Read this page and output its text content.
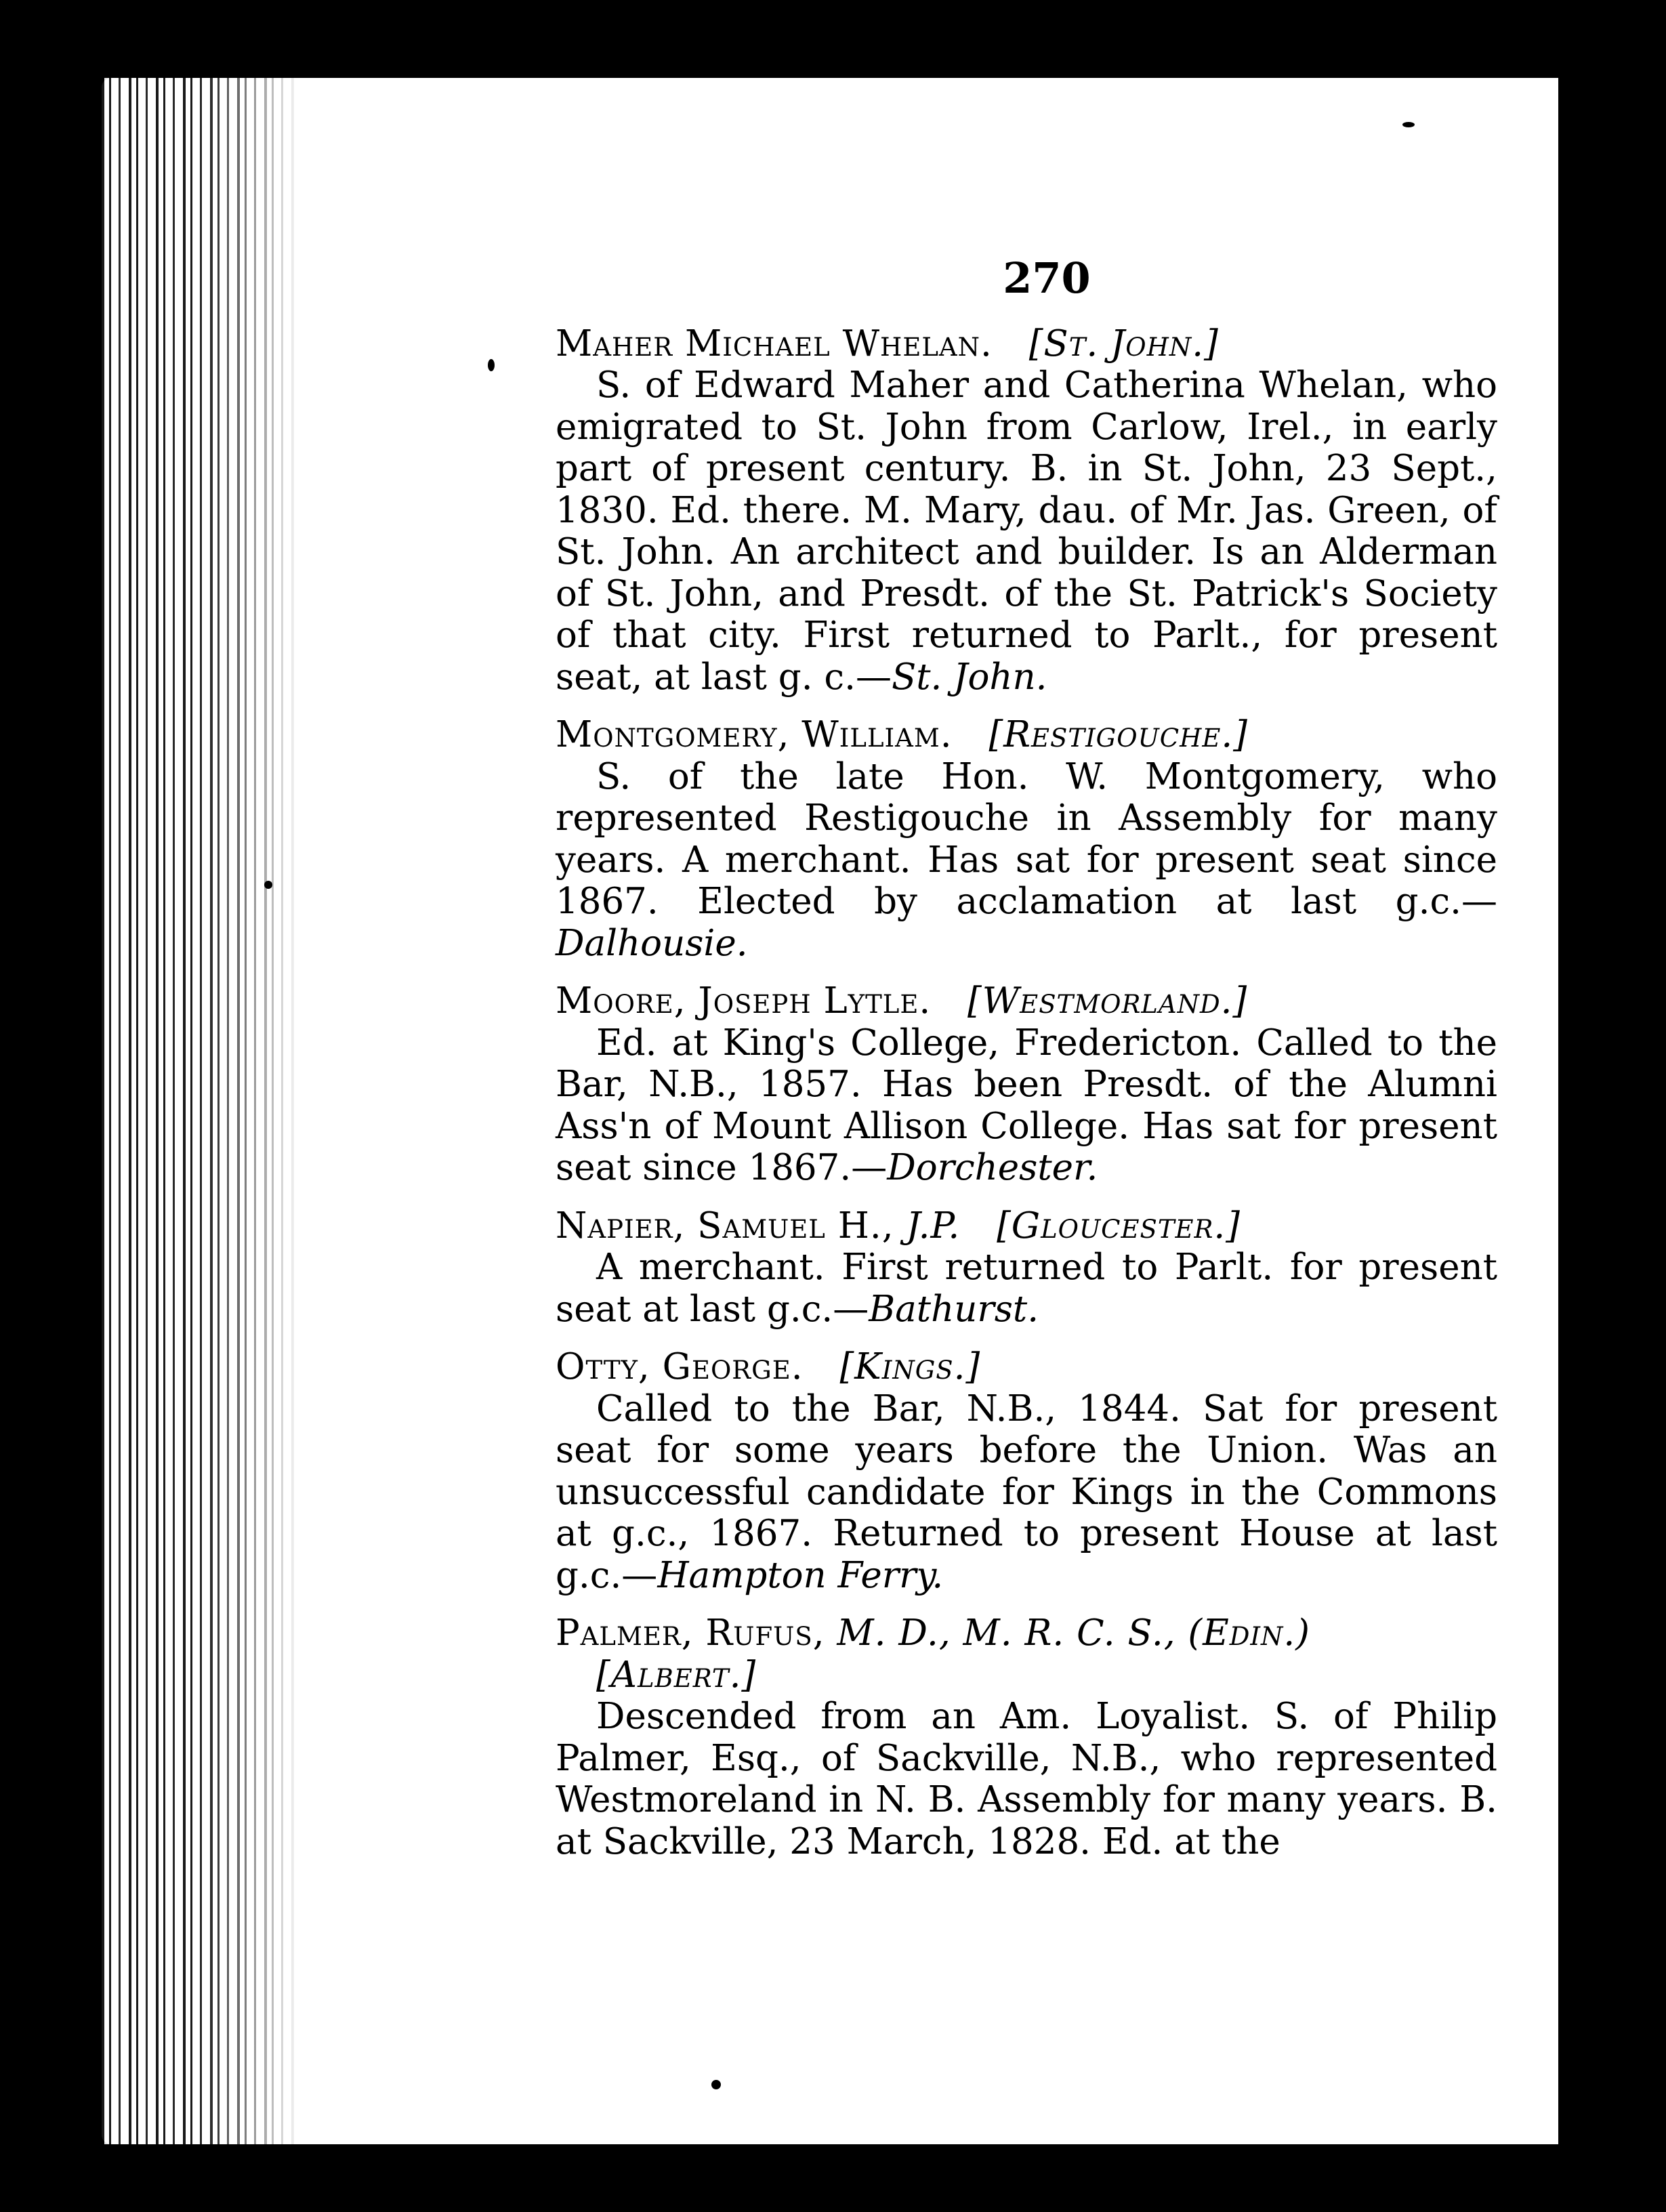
270
Maher Michael Whelan. [St. John.]
S. of Edward Maher and Catherina Whelan, who emigrated to St. John from Carlow, Irel., in early part of present century. B. in St. John, 23 Sept., 1830. Ed. there. M. Mary, dau. of Mr. Jas. Green, of St. John. An architect and builder. Is an Alderman of St. John, and Presdt. of the St. Patrick's Society of that city. First returned to Parlt., for present seat, at last g. c.—St. John.
Montgomery, William. [Restigouche.]
S. of the late Hon. W. Montgomery, who represented Restigouche in Assembly for many years. A merchant. Has sat for present seat since 1867. Elected by acclamation at last g.c.—Dalhousie.
Moore, Joseph Lytle. [Westmorland.]
Ed. at King's College, Fredericton. Called to the Bar, N.B., 1857. Has been Presdt. of the Alumni Ass'n of Mount Allison College. Has sat for present seat since 1867.—Dorchester.
Napier, Samuel H., J.P. [Gloucester.]
A merchant. First returned to Parlt. for present seat at last g.c.—Bathurst.
Otty, George. [Kings.]
Called to the Bar, N.B., 1844. Sat for present seat for some years before the Union. Was an unsuccessful candidate for Kings in the Commons at g.c., 1867. Returned to present House at last g.c.—Hampton Ferry.
Palmer, Rufus, M. D., M. R. C. S., (Edin.)
[Albert.]
Descended from an Am. Loyalist. S. of Philip Palmer, Esq., of Sackville, N.B., who represented Westmoreland in N. B. Assembly for many years. B. at Sackville, 23 March, 1828. Ed. at the
